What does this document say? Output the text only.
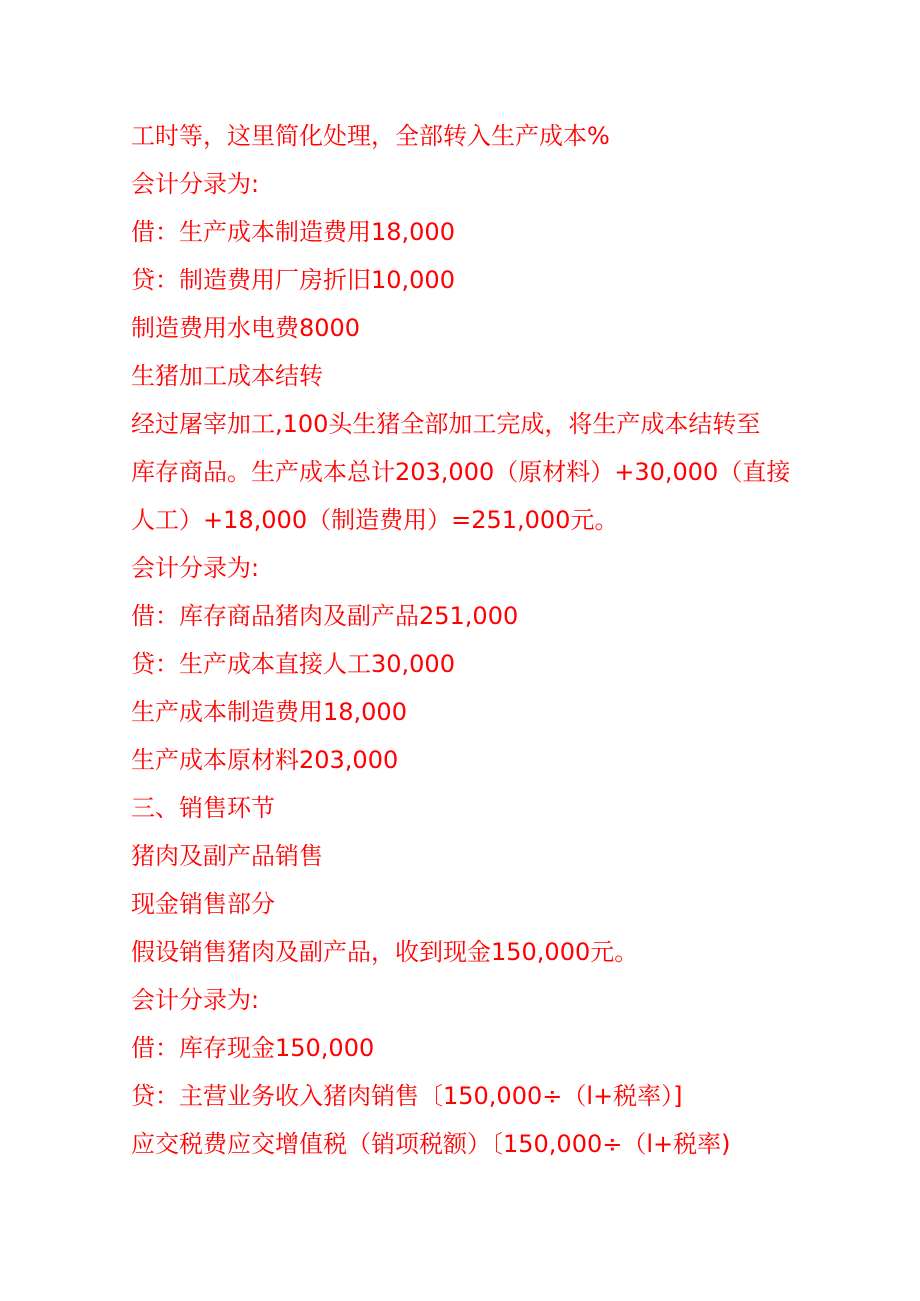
工时等，这里简化处理，全部转入生产成本%
会计分录为:
借：生产成本制造费用18,000
贷：制造费用厂房折旧10,000
制造费用水电费8000
生猪加工成本结转
经过屠宰加工,100头生猪全部加工完成，将生产成本结转至
库存商品。生产成本总计203,000（原材料）+30,000（直接
人工）+18,000（制造费用）=251,000元。
会计分录为:
借：库存商品猪肉及副产品251,000
贷：生产成本直接人工30,000
生产成本制造费用18,000
生产成本原材料203,000
三、销售环节
猪肉及副产品销售
现金销售部分
假设销售猪肉及副产品，收到现金150,000元。
会计分录为:
借：库存现金150,000
贷：主营业务收入猪肉销售〔150,000÷（l+税率）]
应交税费应交增值税（销项税额）〔150,000÷（l+税率)
